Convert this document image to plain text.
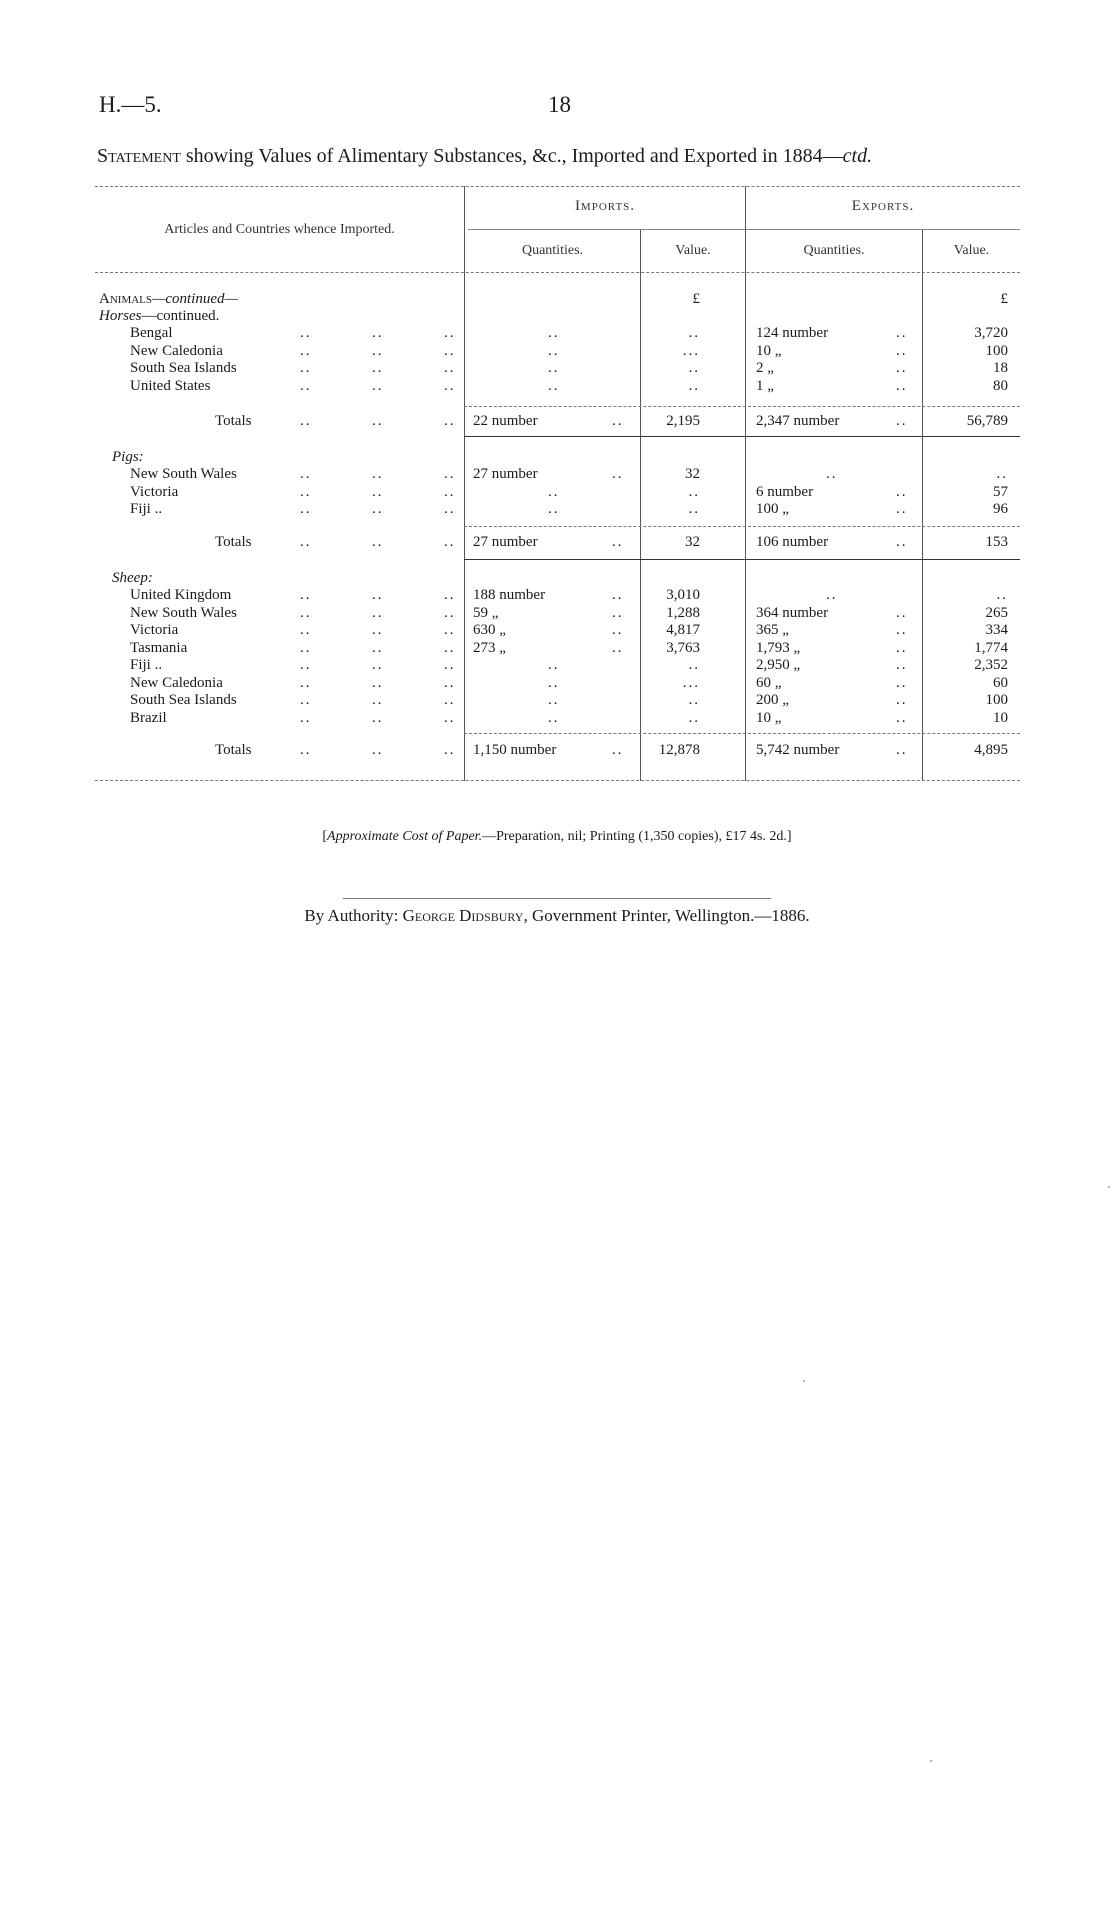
H.—5.	18
Statement showing Values of Alimentary Substances, &c., Imported and Exported in 1884—ctd.
Articles and Countries whence Imported.
Imports.	Exports.
Quantities.	Value.	Quantities.	Value.
Animals—continued—	£	£
Horses—continued.
Bengal	..	..	..	..	..	124 number	..	3,720
New Caledonia	..	..	..	..	...	10 „	..	100
South Sea Islands	..	..	..	..	..	2 „	..	18
United States	..	..	..	..	..	1 „	..	80
Totals	..	..	.. 22 number	..	2,195	2,347 number	..	56,789
Pigs:
New South Wales	..	..	.. 27 number	..	32	..	..
Victoria	..	..	..	..	..	6 number	..	57
Fiji ..	..	..	..	..	..	100 „	..	96
Totals	..	..	.. 27 number	..	32	106 number	..	153
Sheep:
United Kingdom	..	..	.. 188 number	..	3,010	..	..
New South Wales	..	..	.. 59 „	..	1,288	364 number	..	265
Victoria	..	..	.. 630 „	..	4,817	365 „	..	334
Tasmania	..	..	.. 273 „	..	3,763	1,793 „	..	1,774
Fiji ..	..	..	..	..	..	2,950 „	..	2,352
New Caledonia	..	..	..	..	...	60 „	..	60
South Sea Islands	..	..	..	..	..	200 „	..	100
Brazil	..	..	..	..	..	10 „	..	10
Totals	..	..	.. 1,150 number	.. 12,878	5,742 number	..	4,895
[Approximate Cost of Paper.—Preparation, nil; Printing (1,350 copies), £17 4s. 2d.]
By Authority: George Didsbury, Government Printer, Wellington.—1886.
